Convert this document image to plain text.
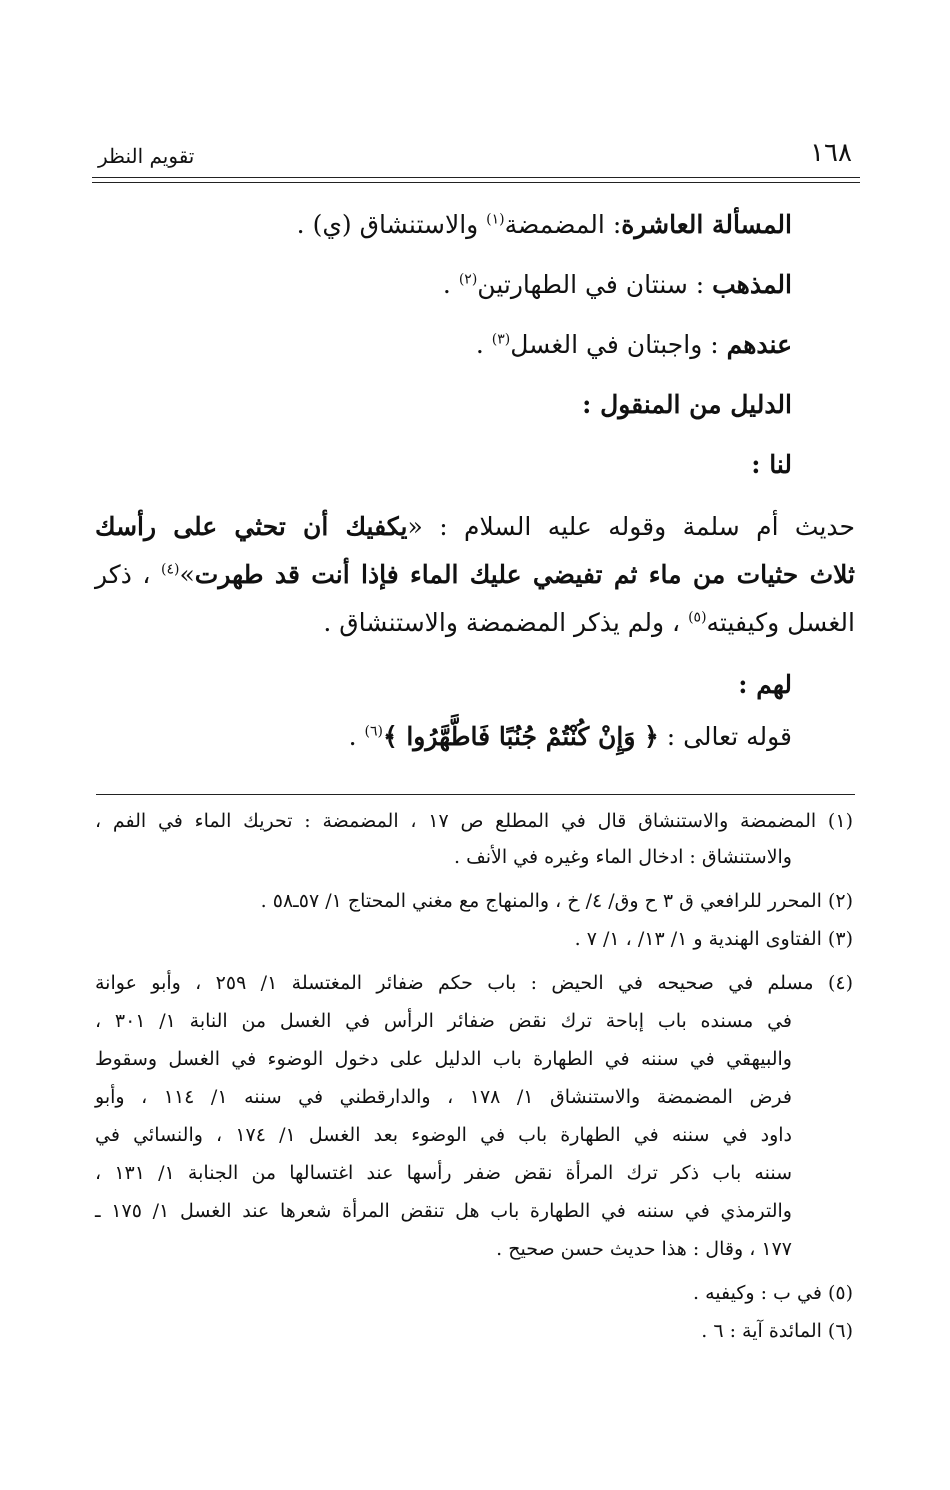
تقويم النظر	١٦٨
المسألة العاشرة: المضمضة$^{(١)}$ والاستنشاق (ي) .
المذهب : سنتان في الطهارتين$^{(٢)}$ .
عندهم : واجبتان في الغسل$^{(٣)}$ .
الدليل من المنقول :
لنا :
حديث أم سلمة وقوله عليه السلام : «يكفيك أن تحثي على رأسك
ثلاث حثيات من ماء ثم تفيضي عليك الماء فإذا أنت قد طهرت»$^{(٤)}$ ، ذكر
الغسل وكيفيته$^{(٥)}$ ، ولم يذكر المضمضة والاستنشاق .
لهم :
قوله تعالى : ﴿ وَإِنْ كُنْتُمْ جُنُبًا فَاطَّهَّرُوا ﴾$^{(٦)}$ .
(١) المضمضة والاستنشاق قال في المطلع ص ١٧ ، المضمضة : تحريك الماء في الفم ،
والاستنشاق : ادخال الماء وغيره في الأنف .
(٢) المحرر للرافعي ق ٣ ح وق/ ٤/ خ ، والمنهاج مع مغني المحتاج ١/ ٥٧ـ٥٨ .
(٣) الفتاوى الهندية و ١/ ١٣/ ، ١/ ٧ .
(٤) مسلم في صحيحه في الحيض : باب حكم ضفائر المغتسلة ١/ ٢٥٩ ، وأبو عوانة
في مسنده باب إباحة ترك نقض ضفائر الرأس في الغسل من النابة ١/ ٣٠١ ،
والبيهقي في سننه في الطهارة باب الدليل على دخول الوضوء في الغسل وسقوط
فرض المضمضة والاستنشاق ١/ ١٧٨ ، والدارقطني في سننه ١/ ١١٤ ، وأبو
داود في سننه في الطهارة باب في الوضوء بعد الغسل ١/ ١٧٤ ، والنسائي في
سننه باب ذكر ترك المرأة نقض ضفر رأسها عند اغتسالها من الجنابة ١/ ١٣١ ،
والترمذي في سننه في الطهارة باب هل تنقض المرأة شعرها عند الغسل ١/ ١٧٥ ـ
١٧٧ ، وقال : هذا حديث حسن صحيح .
(٥) في ب : وكيفيه .
(٦) المائدة آية : ٦ .
